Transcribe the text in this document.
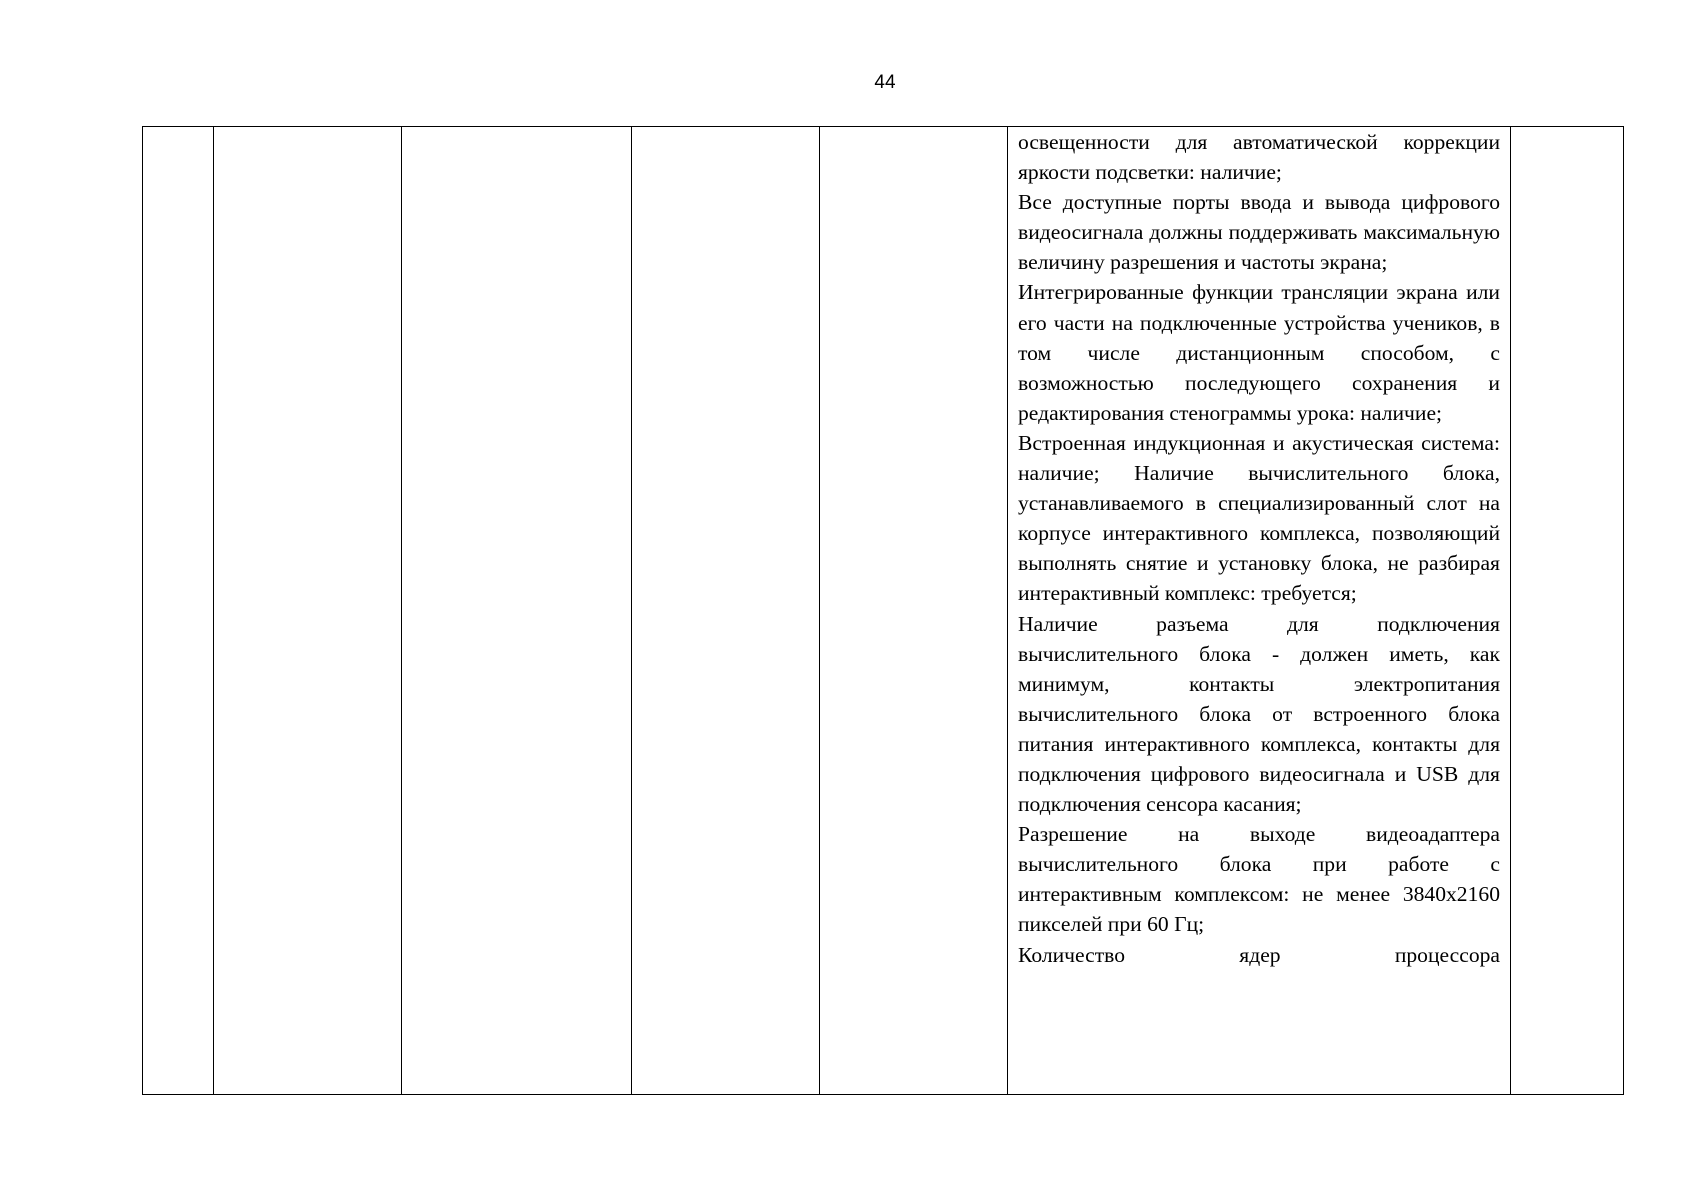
44

освещенности для автоматической коррекции яркости подсветки: наличие;

Все доступные порты ввода и вывода цифрового видеосигнала должны поддерживать максимальную величину разрешения и частоты экрана;

Интегрированные функции трансляции экрана или его части на подключенные устройства учеников, в том числе дистанционным способом, с возможностью последующего сохранения и редактирования стенограммы урока: наличие;

Встроенная индукционная и акустическая система: наличие; Наличие вычислительного блока, устанавливаемого в специализированный слот на корпусе интерактивного комплекса, позволяющий выполнять снятие и установку блока, не разбирая интерактивный комплекс: требуется;

Наличие разъема для подключения вычислительного блока - должен иметь, как минимум, контакты электропитания вычислительного блока от встроенного блока питания интерактивного комплекса, контакты для подключения цифрового видеосигнала и USB для подключения сенсора касания;

Разрешение на выходе видеоадаптера вычислительного блока при работе с интерактивным комплексом: не менее 3840x2160 пикселей при 60 Гц;

Количество ядер процессора
